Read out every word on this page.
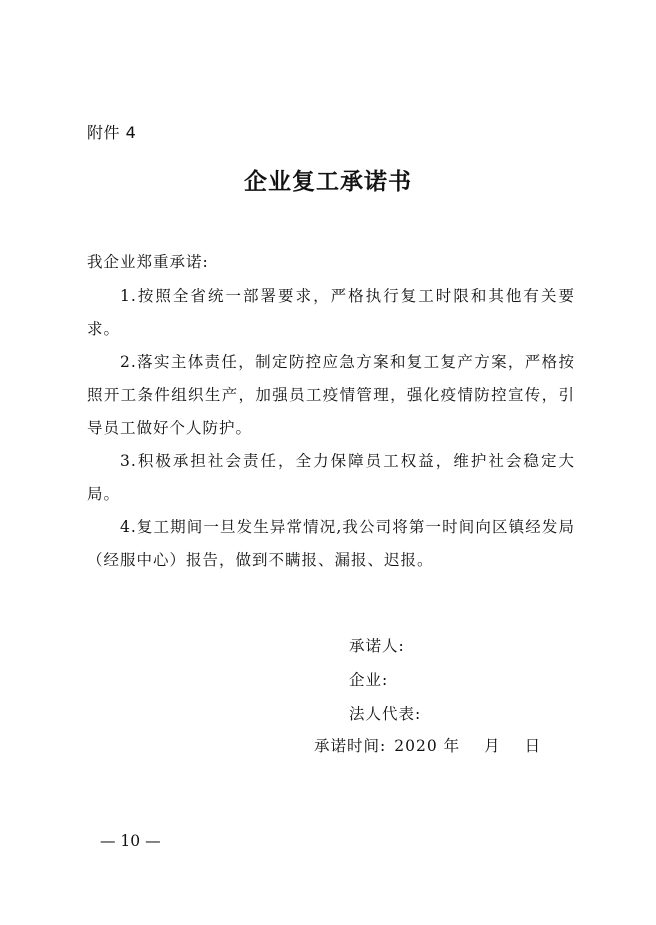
附件 4
企业复工承诺书
我企业郑重承诺:

1.按照全省统一部署要求，严格执行复工时限和其他有关要求。

2.落实主体责任，制定防控应急方案和复工复产方案，严格按照开工条件组织生产，加强员工疫情管理，强化疫情防控宣传，引导员工做好个人防护。

3.积极承担社会责任，全力保障员工权益，维护社会稳定大局。

4.复工期间一旦发生异常情况,我公司将第一时间向区镇经发局（经服中心）报告，做到不瞒报、漏报、迟报。

承诺人:
企业:
法人代表:
承诺时间: 2020 年 月 日
— 10 —
